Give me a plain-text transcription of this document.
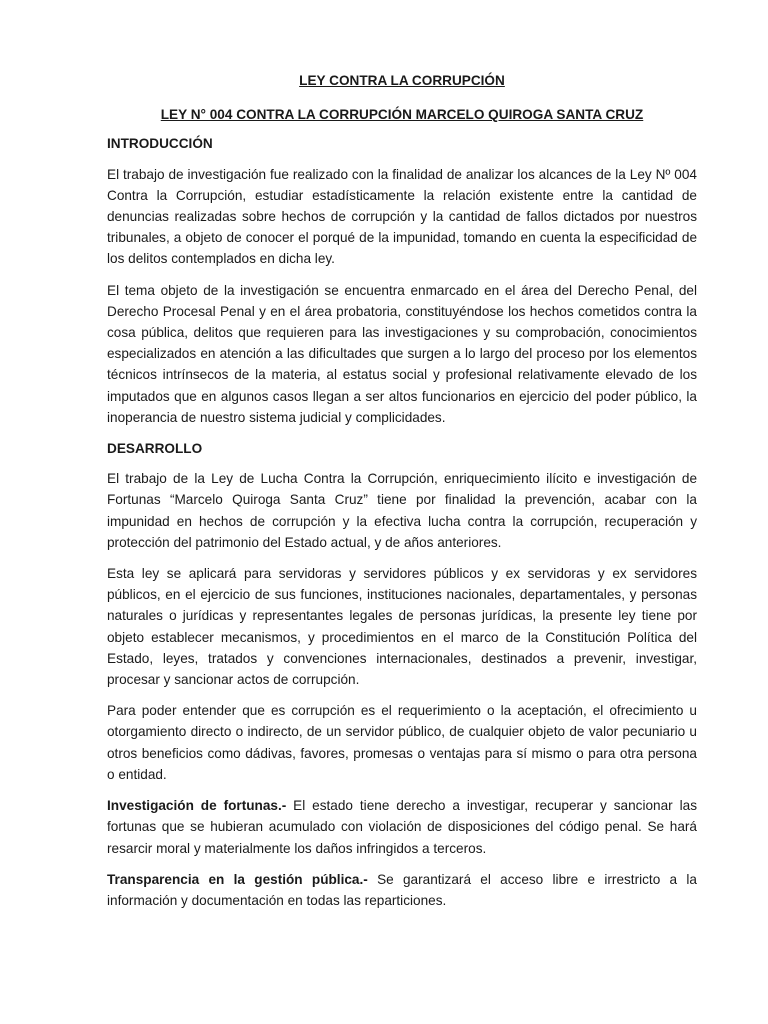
LEY CONTRA LA CORRUPCIÓN

LEY N° 004 CONTRA LA CORRUPCIÓN MARCELO QUIROGA SANTA CRUZ

INTRODUCCIÓN

El trabajo de investigación fue realizado con la finalidad de analizar los alcances de la Ley Nº 004 Contra la Corrupción, estudiar estadísticamente la relación existente entre la cantidad de denuncias realizadas sobre hechos de corrupción y la cantidad de fallos dictados por nuestros tribunales, a objeto de conocer el porqué de la impunidad, tomando en cuenta la especificidad de los delitos contemplados en dicha ley.

El tema objeto de la investigación se encuentra enmarcado en el área del Derecho Penal, del Derecho Procesal Penal y en el área probatoria, constituyéndose los hechos cometidos contra la cosa pública, delitos que requieren para las investigaciones y su comprobación, conocimientos especializados en atención a las dificultades que surgen a lo largo del proceso por los elementos técnicos intrínsecos de la materia, al estatus social y profesional relativamente elevado de los imputados que en algunos casos llegan a ser altos funcionarios en ejercicio del poder público, la inoperancia de nuestro sistema judicial y complicidades.

DESARROLLO

El trabajo de la Ley de Lucha Contra la Corrupción, enriquecimiento ilícito e investigación de Fortunas “Marcelo Quiroga Santa Cruz” tiene por finalidad la prevención, acabar con la impunidad en hechos de corrupción y la efectiva lucha contra la corrupción, recuperación y protección del patrimonio del Estado actual, y de años anteriores.

Esta ley se aplicará para servidoras y servidores públicos y ex servidoras y ex servidores públicos, en el ejercicio de sus funciones, instituciones nacionales, departamentales, y personas naturales o jurídicas y representantes legales de personas jurídicas, la presente ley tiene por objeto establecer mecanismos, y procedimientos en el marco de la Constitución Política del Estado, leyes, tratados y convenciones internacionales, destinados a prevenir, investigar, procesar y sancionar actos de corrupción.

Para poder entender que es corrupción es el requerimiento o la aceptación, el ofrecimiento u otorgamiento directo o indirecto, de un servidor público, de cualquier objeto de valor pecuniario u otros beneficios como dádivas, favores, promesas o ventajas para sí mismo o para otra persona o entidad.

Investigación de fortunas.- El estado tiene derecho a investigar, recuperar y sancionar las fortunas que se hubieran acumulado con violación de disposiciones del código penal. Se hará resarcir moral y materialmente los daños infringidos a terceros.

Transparencia en la gestión pública.- Se garantizará el acceso libre e irrestricto a la información y documentación en todas las reparticiones.
